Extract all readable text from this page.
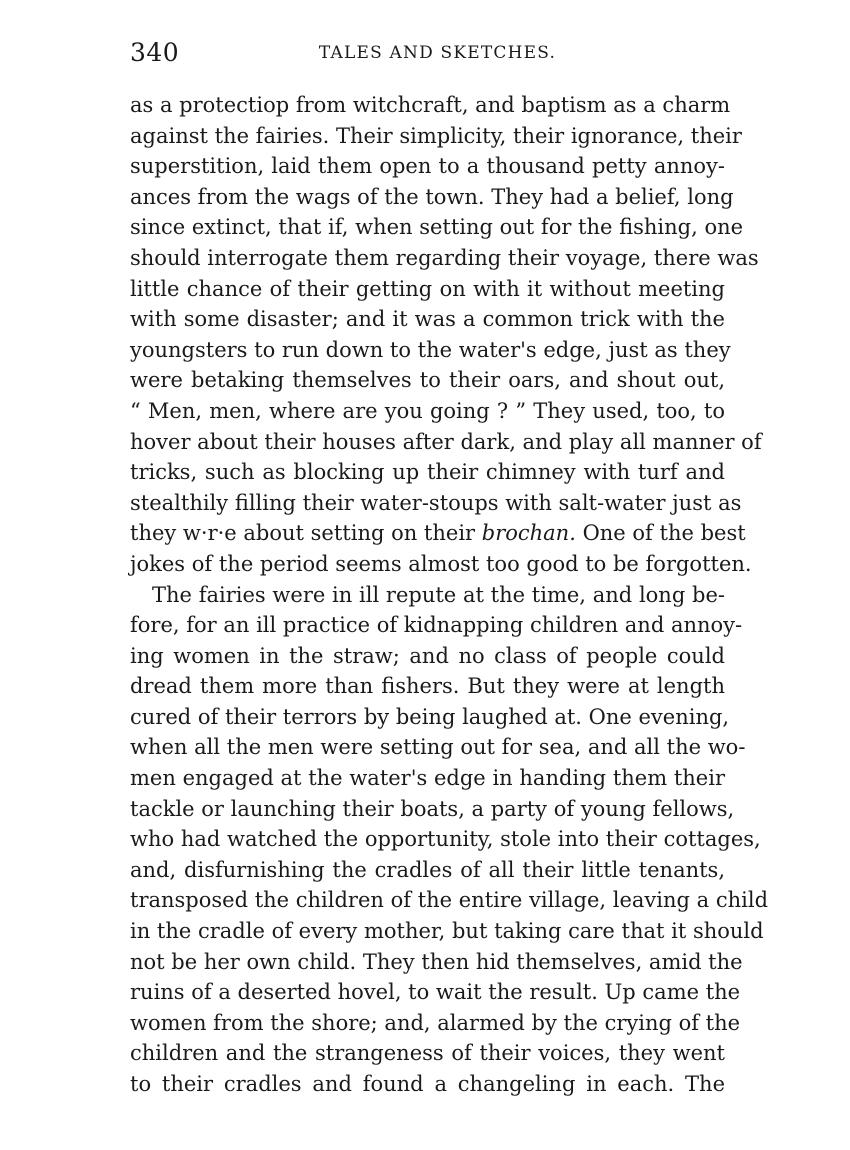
340	TALES AND SKETCHES.
as a protectiop from witchcraft, and baptism as a charm
against the fairies. Their simplicity, their ignorance, their
superstition, laid them open to a thousand petty annoy-
ances from the wags of the town. They had a belief, long
since extinct, that if, when setting out for the fishing, one
should interrogate them regarding their voyage, there was
little chance of their getting on with it without meeting
with some disaster; and it was a common trick with the
youngsters to run down to the water's edge, just as they
were betaking themselves to their oars, and shout out,
“ Men, men, where are you going ? ” They used, too, to
hover about their houses after dark, and play all manner of
tricks, such as blocking up their chimney with turf and
stealthily filling their water-stoups with salt-water just as
they w·r·e about setting on their brochan. One of the best
jokes of the period seems almost too good to be forgotten.
The fairies were in ill repute at the time, and long be-
fore, for an ill practice of kidnapping children and annoy-
ing women in the straw; and no class of people could
dread them more than fishers. But they were at length
cured of their terrors by being laughed at. One evening,
when all the men were setting out for sea, and all the wo-
men engaged at the water's edge in handing them their
tackle or launching their boats, a party of young fellows,
who had watched the opportunity, stole into their cottages,
and, disfurnishing the cradles of all their little tenants,
transposed the children of the entire village, leaving a child
in the cradle of every mother, but taking care that it should
not be her own child. They then hid themselves, amid the
ruins of a deserted hovel, to wait the result. Up came the
women from the shore; and, alarmed by the crying of the
children and the strangeness of their voices, they went
to their cradles and found a changeling in each. The
